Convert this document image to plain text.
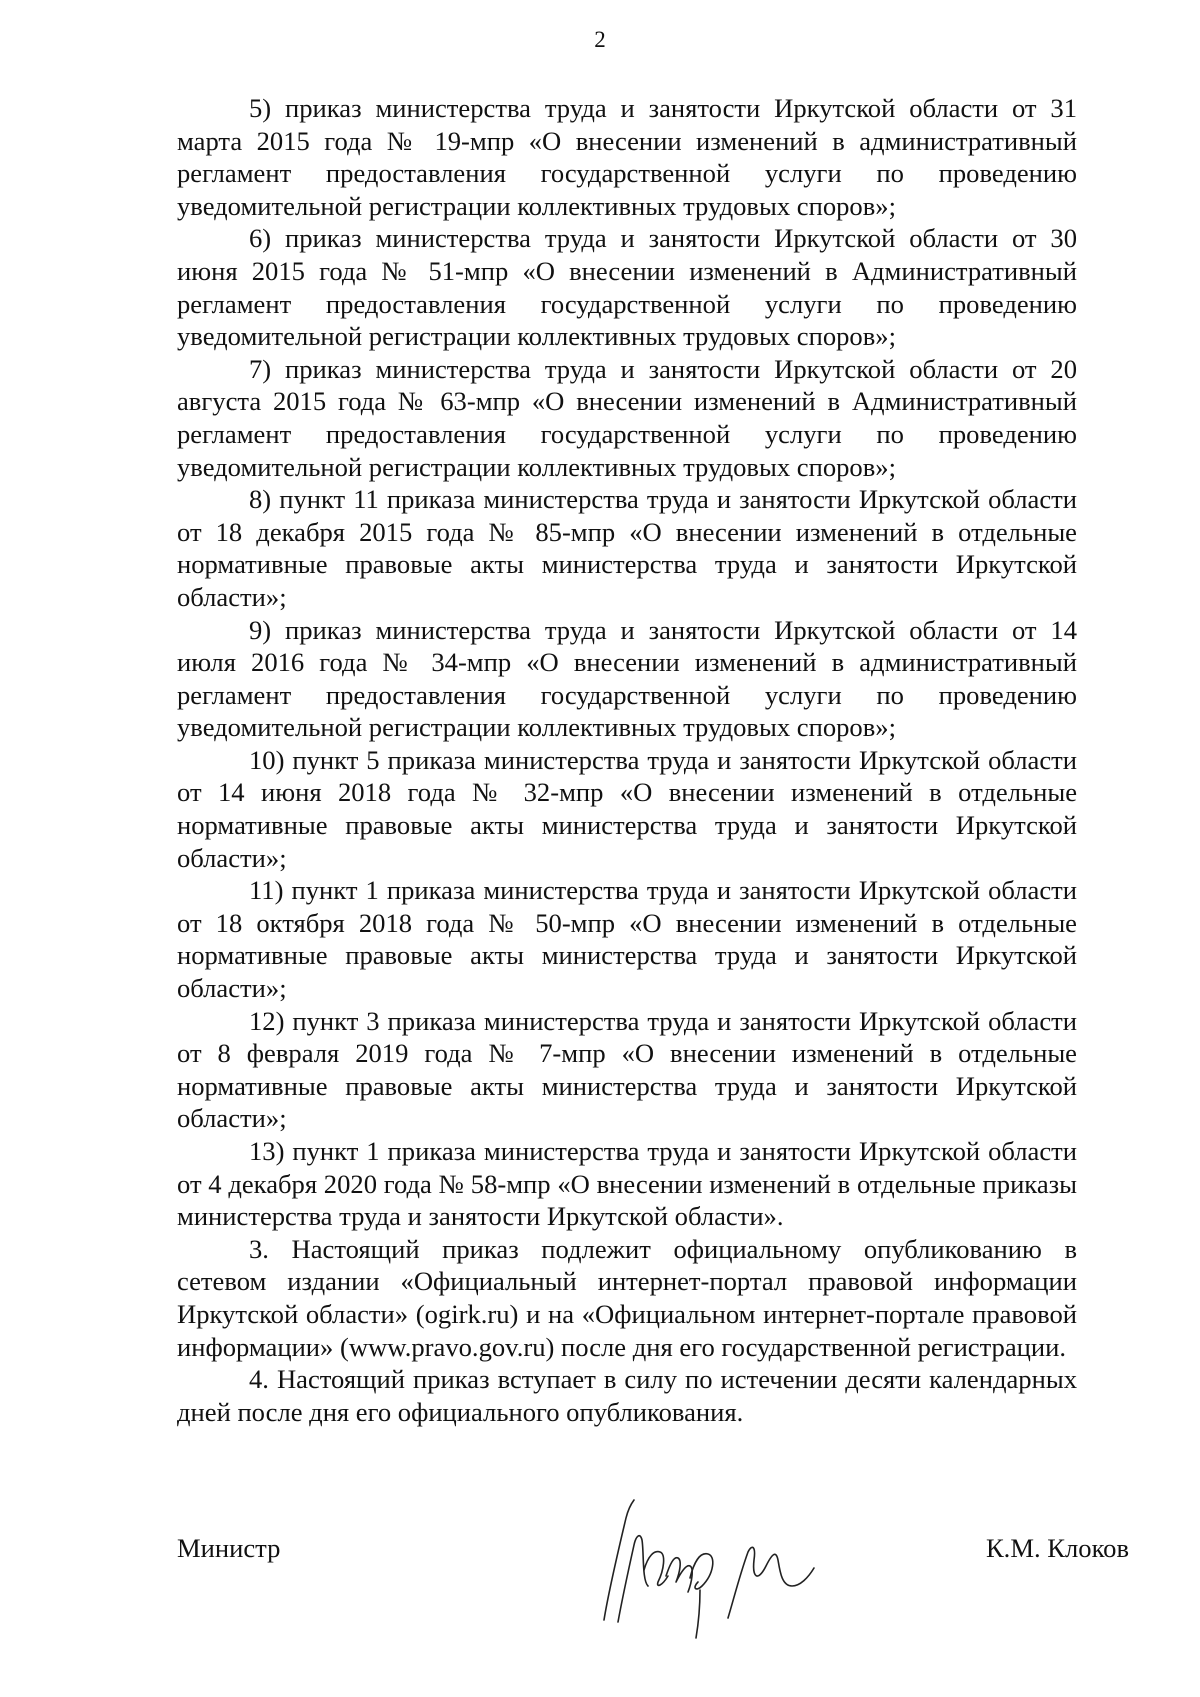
2

5) приказ министерства труда и занятости Иркутской области от 31 марта 2015 года № 19-мпр «О внесении изменений в административный регламент предоставления государственной услуги по проведению уведомительной регистрации коллективных трудовых споров»;

6) приказ министерства труда и занятости Иркутской области от 30 июня 2015 года № 51-мпр «О внесении изменений в Административный регламент предоставления государственной услуги по проведению уведомительной регистрации коллективных трудовых споров»;

7) приказ министерства труда и занятости Иркутской области от 20 августа 2015 года № 63-мпр «О внесении изменений в Административный регламент предоставления государственной услуги по проведению уведомительной регистрации коллективных трудовых споров»;

8) пункт 11 приказа министерства труда и занятости Иркутской области от 18 декабря 2015 года № 85-мпр «О внесении изменений в отдельные нормативные правовые акты министерства труда и занятости Иркутской области»;

9) приказ министерства труда и занятости Иркутской области от 14 июля 2016 года № 34-мпр «О внесении изменений в административный регламент предоставления государственной услуги по проведению уведомительной регистрации коллективных трудовых споров»;

10) пункт 5 приказа министерства труда и занятости Иркутской области от 14 июня 2018 года № 32-мпр «О внесении изменений в отдельные нормативные правовые акты министерства труда и занятости Иркутской области»;

11) пункт 1 приказа министерства труда и занятости Иркутской области от 18 октября 2018 года № 50-мпр «О внесении изменений в отдельные нормативные правовые акты министерства труда и занятости Иркутской области»;

12) пункт 3 приказа министерства труда и занятости Иркутской области от 8 февраля 2019 года № 7-мпр «О внесении изменений в отдельные нормативные правовые акты министерства труда и занятости Иркутской области»;

13) пункт 1 приказа министерства труда и занятости Иркутской области от 4 декабря 2020 года № 58-мпр «О внесении изменений в отдельные приказы министерства труда и занятости Иркутской области».

3. Настоящий приказ подлежит официальному опубликованию в сетевом издании «Официальный интернет-портал правовой информации Иркутской области» (ogirk.ru) и на «Официальном интернет-портале правовой информации» (www.pravo.gov.ru) после дня его государственной регистрации.

4. Настоящий приказ вступает в силу по истечении десяти календарных дней после дня его официального опубликования.

Министр	К.М. Клоков
